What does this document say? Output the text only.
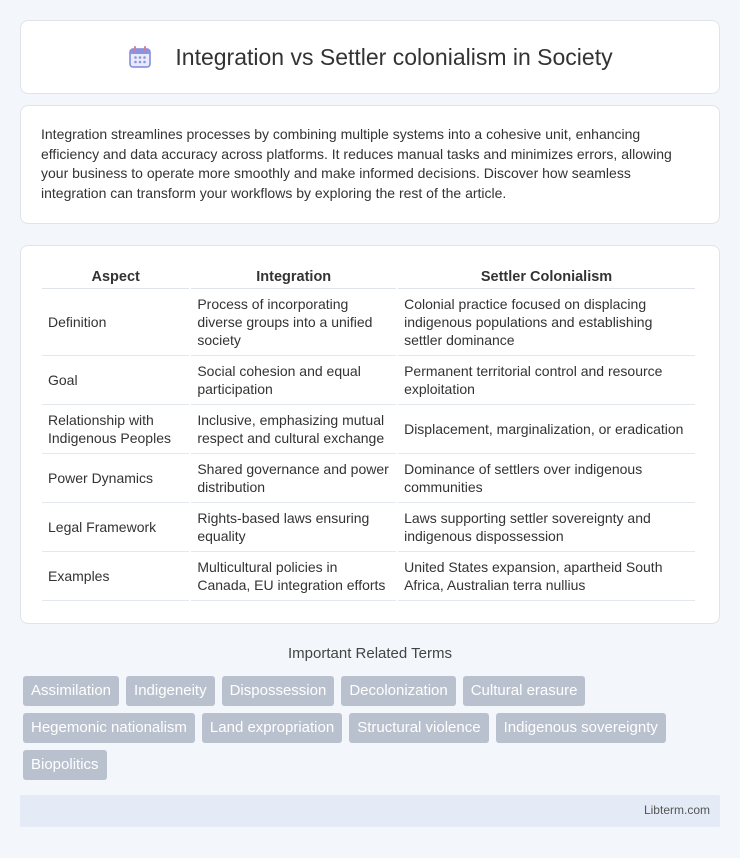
Integration vs Settler colonialism in Society

Integration streamlines processes by combining multiple systems into a cohesive unit, enhancing efficiency and data accuracy across platforms. It reduces manual tasks and minimizes errors, allowing your business to operate more smoothly and make informed decisions. Discover how seamless integration can transform your workflows by exploring the rest of the article.

Aspect	Integration	Settler Colonialism
Definition	Process of incorporating diverse groups into a unified society	Colonial practice focused on displacing indigenous populations and establishing settler dominance
Goal	Social cohesion and equal participation	Permanent territorial control and resource exploitation
Relationship with Indigenous Peoples	Inclusive, emphasizing mutual respect and cultural exchange	Displacement, marginalization, or eradication
Power Dynamics	Shared governance and power distribution	Dominance of settlers over indigenous communities
Legal Framework	Rights-based laws ensuring equality	Laws supporting settler sovereignty and indigenous dispossession
Examples	Multicultural policies in Canada, EU integration efforts	United States expansion, apartheid South Africa, Australian terra nullius
Important Related Terms
Assimilation	Indigeneity	Dispossession	Decolonization	Cultural erasure
Hegemonic nationalism	Land expropriation	Structural violence	Indigenous sovereignty
Biopolitics
Libterm.com
